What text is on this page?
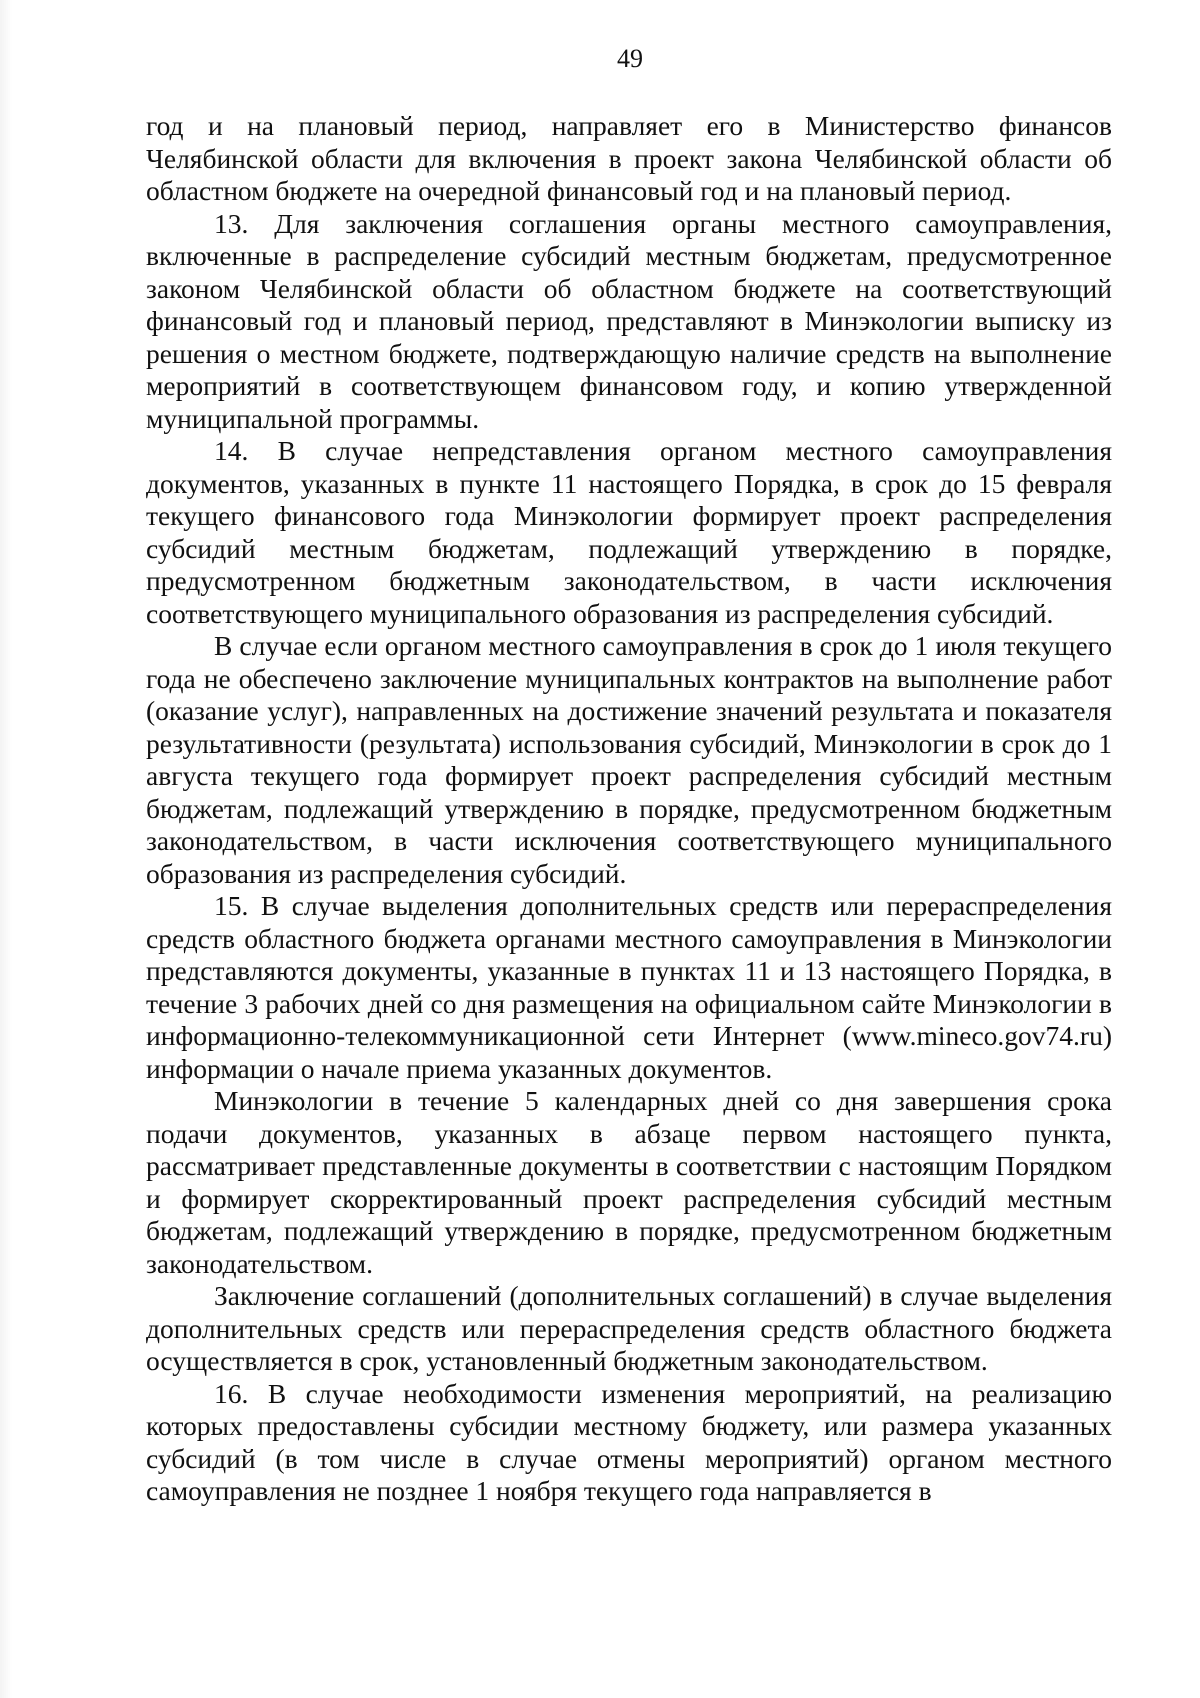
49

год и на плановый период, направляет его в Министерство финансов Челябинской области для включения в проект закона Челябинской области об областном бюджете на очередной финансовый год и на плановый период.

13. Для заключения соглашения органы местного самоуправления, включенные в распределение субсидий местным бюджетам, предусмотренное законом Челябинской области об областном бюджете на соответствующий финансовый год и плановый период, представляют в Минэкологии выписку из решения о местном бюджете, подтверждающую наличие средств на выполнение мероприятий в соответствующем финансовом году, и копию утвержденной муниципальной программы.

14. В случае непредставления органом местного самоуправления документов, указанных в пункте 11 настоящего Порядка, в срок до 15 февраля текущего финансового года Минэкологии формирует проект распределения субсидий местным бюджетам, подлежащий утверждению в порядке, предусмотренном бюджетным законодательством, в части исключения соответствующего муниципального образования из распределения субсидий.

В случае если органом местного самоуправления в срок до 1 июля текущего года не обеспечено заключение муниципальных контрактов на выполнение работ (оказание услуг), направленных на достижение значений результата и показателя результативности (результата) использования субсидий, Минэкологии в срок до 1 августа текущего года формирует проект распределения субсидий местным бюджетам, подлежащий утверждению в порядке, предусмотренном бюджетным законодательством, в части исключения соответствующего муниципального образования из распределения субсидий.

15. В случае выделения дополнительных средств или перераспределения средств областного бюджета органами местного самоуправления в Минэкологии представляются документы, указанные в пунктах 11 и 13 настоящего Порядка, в течение 3 рабочих дней со дня размещения на официальном сайте Минэкологии в информационно-телекоммуникационной сети Интернет (www.mineco.gov74.ru) информации о начале приема указанных документов.

Минэкологии в течение 5 календарных дней со дня завершения срока подачи документов, указанных в абзаце первом настоящего пункта, рассматривает представленные документы в соответствии с настоящим Порядком и формирует скорректированный проект распределения субсидий местным бюджетам, подлежащий утверждению в порядке, предусмотренном бюджетным законодательством.

Заключение соглашений (дополнительных соглашений) в случае выделения дополнительных средств или перераспределения средств областного бюджета осуществляется в срок, установленный бюджетным законодательством.

16. В случае необходимости изменения мероприятий, на реализацию которых предоставлены субсидии местному бюджету, или размера указанных субсидий (в том числе в случае отмены мероприятий) органом местного самоуправления не позднее 1 ноября текущего года направляется в
